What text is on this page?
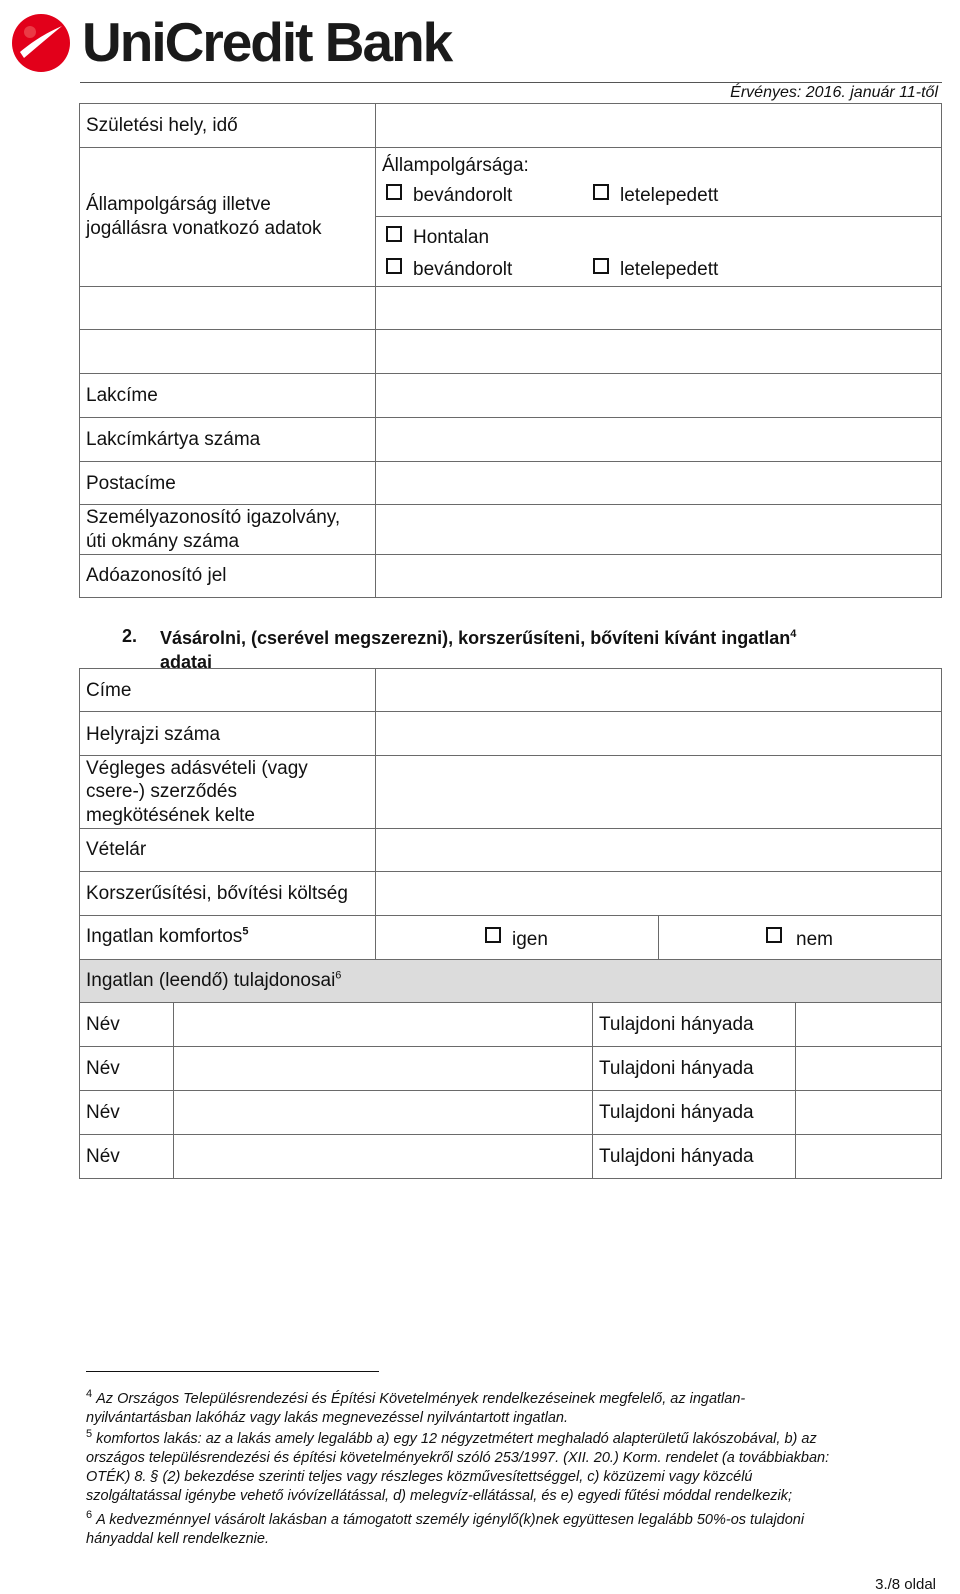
UniCredit Bank
Érvényes: 2016. január 11-től
Születési hely, idő
Állampolgárság illetve
jogállásra vonatkozó adatok
Állampolgársága:
bevándorolt	letelepedett
Hontalan
bevándorolt	letelepedett
Lakcíme
Lakcímkártya száma
Postacíme
Személyazonosító igazolvány,
úti okmány száma
Adóazonosító jel
2. Vásárolni, (cserével megszerezni), korszerűsíteni, bővíteni kívánt ingatlan$^4$
adatai
Címe
Helyrajzi száma
Végleges adásvételi (vagy
csere-) szerződés
megkötésének kelte
Vételár
Korszerűsítési, bővítési költség
Ingatlan komfortos$^5$	igen	nem
Ingatlan (leendő) tulajdonosai$^6$
Név	Tulajdoni hányada
Név	Tulajdoni hányada
Név	Tulajdoni hányada
Név	Tulajdoni hányada
$^4$ Az Országos Településrendezési és Építési Követelmények rendelkezéseinek megfelelő, az ingatlan-
nyilvántartásban lakóház vagy lakás megnevezéssel nyilvántartott ingatlan.
$^5$ komfortos lakás: az a lakás amely legalább a) egy 12 négyzetmétert meghaladó alapterületű lakószobával, b) az
országos településrendezési és építési követelményekről szóló 253/1997. (XII. 20.) Korm. rendelet (a továbbiakban:
OTÉK) 8. § (2) bekezdése szerinti teljes vagy részleges közművesítettséggel, c) közüzemi vagy közcélú
szolgáltatással igénybe vehető ivóvízellátással, d) melegvíz-ellátással, és e) egyedi fűtési móddal rendelkezik;
$^6$ A kedvezménnyel vásárolt lakásban a támogatott személy igénylő(k)nek együttesen legalább 50%-os tulajdoni
hányaddal kell rendelkeznie.
3./8 oldal
